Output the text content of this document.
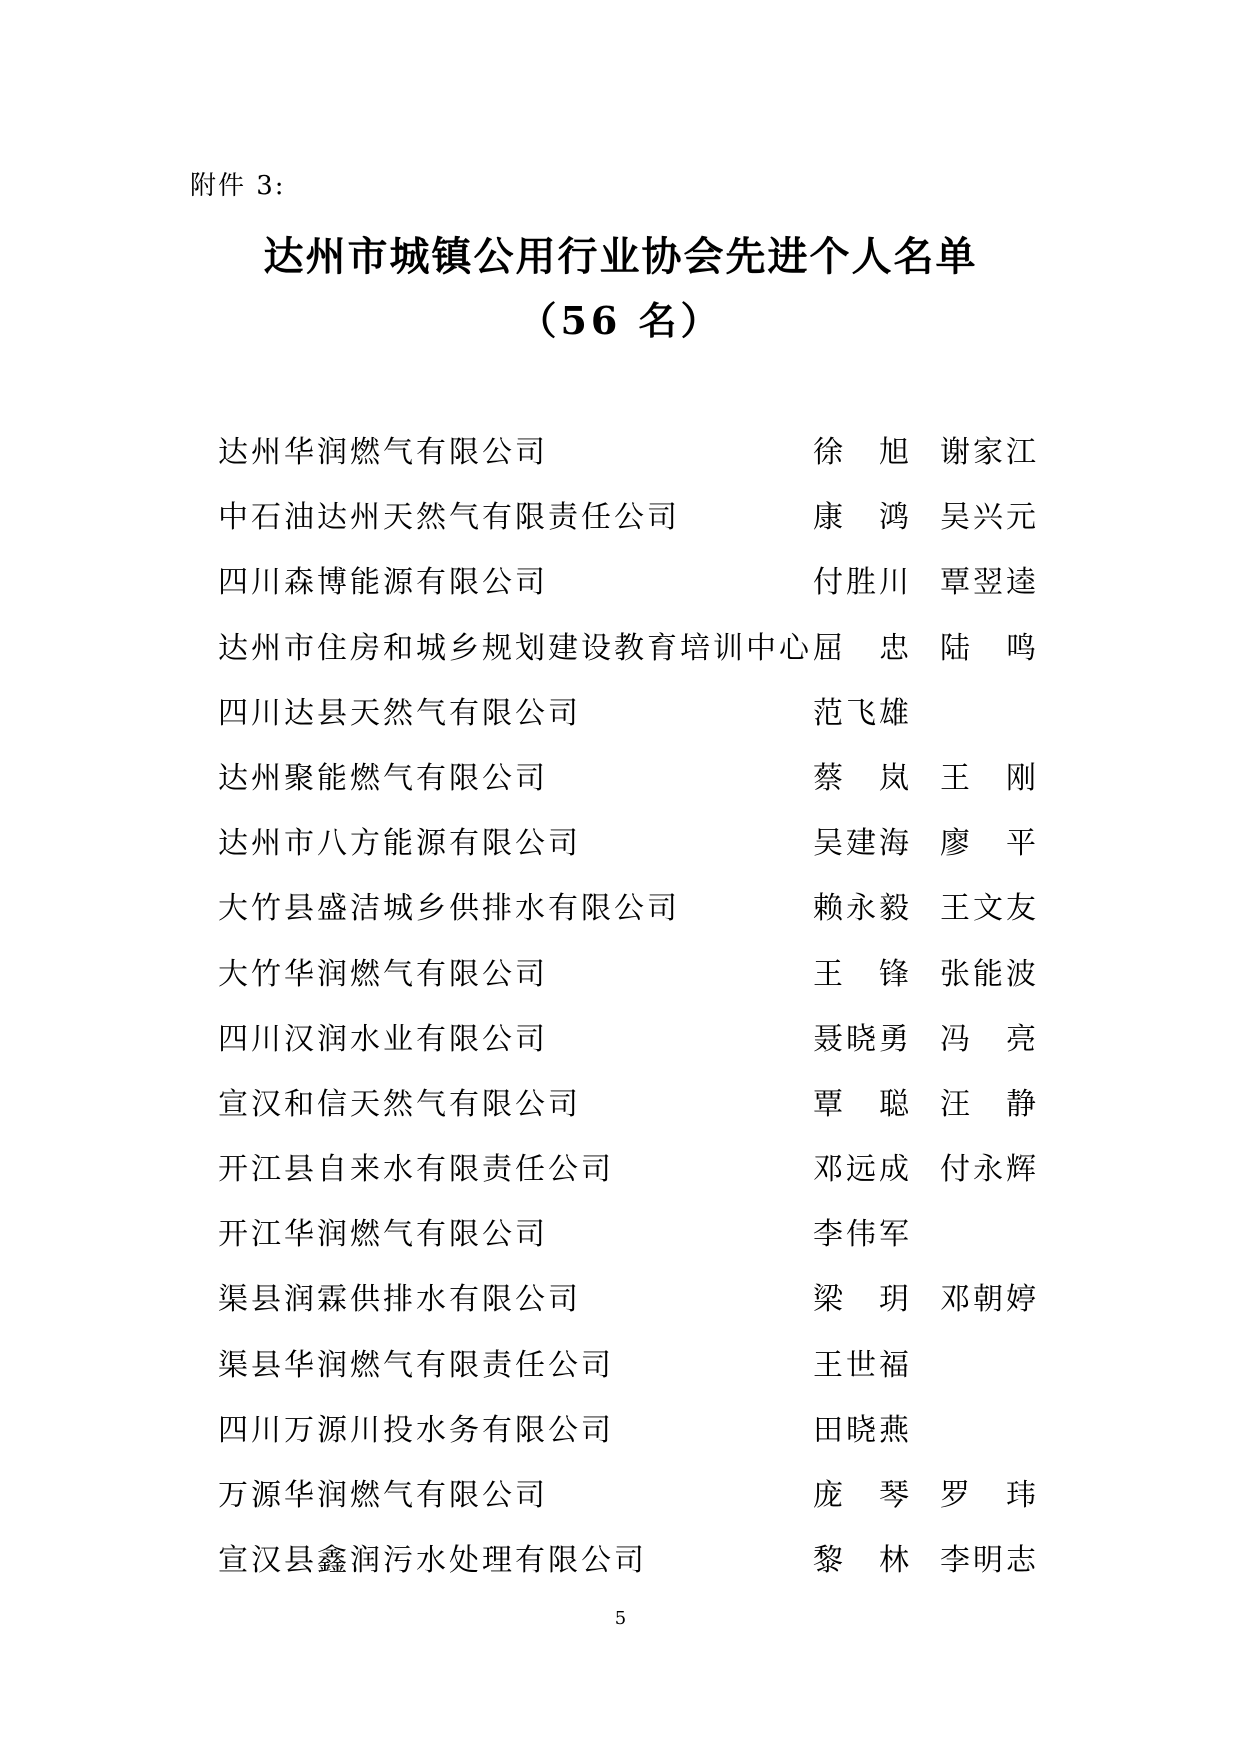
附件 3:
达州市城镇公用行业协会先进个人名单
（56 名）
达州华润燃气有限公司	徐　旭 谢家江
中石油达州天然气有限责任公司	康　鸿 吴兴元
四川森博能源有限公司	付胜川 覃翌逵
达州市住房和城乡规划建设教育培训中心 屈　忠 陆　鸣
四川达县天然气有限公司	范飞雄
达州聚能燃气有限公司	蔡　岚 王　刚
达州市八方能源有限公司	吴建海 廖　平
大竹县盛洁城乡供排水有限公司	赖永毅 王文友
大竹华润燃气有限公司	王　锋 张能波
四川汉润水业有限公司	聂晓勇 冯　亮
宣汉和信天然气有限公司	覃　聪 汪　静
开江县自来水有限责任公司	邓远成 付永辉
开江华润燃气有限公司	李伟军
渠县润霖供排水有限公司	梁　玥 邓朝婷
渠县华润燃气有限责任公司	王世福
四川万源川投水务有限公司	田晓燕
万源华润燃气有限公司	庞　琴 罗　玮
宣汉县鑫润污水处理有限公司	黎　林 李明志
5
